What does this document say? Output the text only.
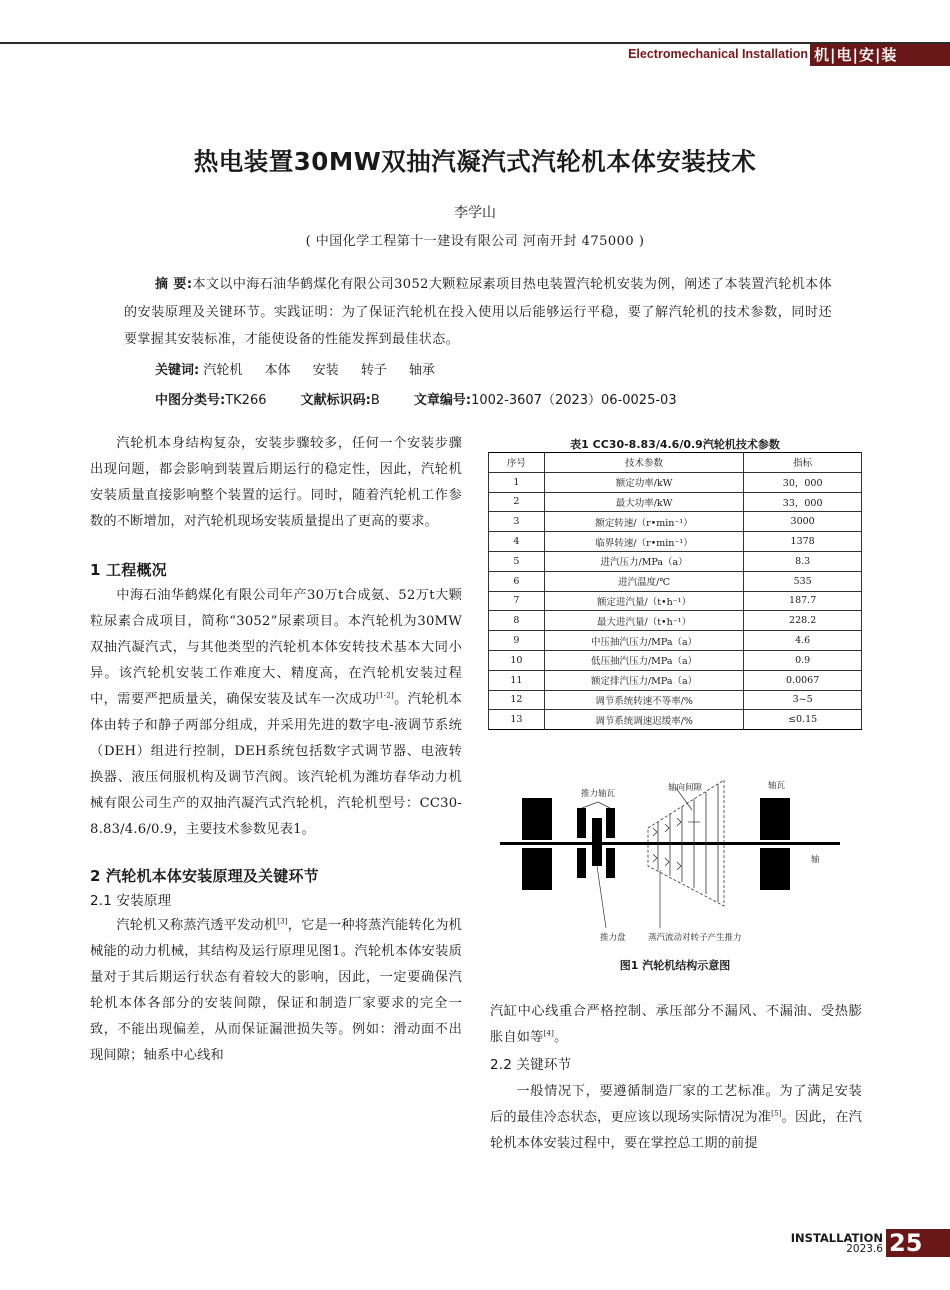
Electromechanical Installation 机|电|安|装
热电装置30MW双抽汽凝汽式汽轮机本体安装技术
李学山
( 中国化学工程第十一建设有限公司 河南开封 475000 )
摘 要:本文以中海石油华鹤煤化有限公司3052大颗粒尿素项目热电装置汽轮机安装为例，阐述了本装置汽轮机本体的安装原理及关键环节。实践证明：为了保证汽轮机在投入使用以后能够运行平稳，要了解汽轮机的技术参数，同时还要掌握其安装标准，才能使设备的性能发挥到最佳状态。
关键词: 汽轮机 本体 安装 转子 轴承
中图分类号:TK266	文献标识码:B	文章编号:1002-3607（2023）06-0025-03

汽轮机本身结构复杂，安装步骤较多，任何一个安装步骤出现问题，都会影响到装置后期运行的稳定性，因此，汽轮机安装质量直接影响整个装置的运行。同时，随着汽轮机工作参数的不断增加，对汽轮机现场安装质量提出了更高的要求。

1 工程概况

中海石油华鹤煤化有限公司年产30万t合成氨、52万t大颗粒尿素合成项目，简称“3052”尿素项目。本汽轮机为30MW双抽汽凝汽式，与其他类型的汽轮机本体安转技术基本大同小异。该汽轮机安装工作难度大、精度高，在汽轮机安装过程中，需要严把质量关，确保安装及试车一次成功[1-2]。汽轮机本体由转子和静子两部分组成，并采用先进的数字电-液调节系统（DEH）组进行控制，DEH系统包括数字式调节器、电液转换器、液压伺服机构及调节汽阀。该汽轮机为潍坊春华动力机械有限公司生产的双抽汽凝汽式汽轮机，汽轮机型号：CC30-8.83/4.6/0.9，主要技术参数见表1。

2 汽轮机本体安装原理及关键环节

2.1 安装原理

汽轮机又称蒸汽透平发动机[3]，它是一种将蒸汽能转化为机械能的动力机械，其结构及运行原理见图1。汽轮机本体安装质量对于其后期运行状态有着较大的影响，因此，一定要确保汽轮机本体各部分的安装间隙，保证和制造厂家要求的完全一致，不能出现偏差，从而保证漏泄损失等。例如：滑动面不出现间隙；轴系中心线和

表1 CC30-8.83/4.6/0.9汽轮机技术参数
序号	技术参数	指标
1	额定功率/kW	30，000
2	最大功率/kW	33，000
3	额定转速/（r•min⁻¹）	3000
4	临界转速/（r•min⁻¹）	1378
5	进汽压力/MPa（a）	8.3
6	进汽温度/℃	535
7	额定进汽量/（t•h⁻¹）	187.7
8	最大进汽量/（t•h⁻¹）	228.2
9	中压抽汽压力/MPa（a）	4.6
10	低压抽汽压力/MPa（a）	0.9
11	额定排汽压力/MPa（a）	0.0067
12	调节系统转速不等率/%	3~5
13	调节系统调速迟缓率/%	≤0.15
推力轴瓦
轴向间隙	轴瓦
轴
推力盘	蒸汽流动对转子产生推力
图1 汽轮机结构示意图

汽缸中心线重合严格控制、承压部分不漏风、不漏油、受热膨胀自如等[4]。

2.2 关键环节

一般情况下，要遵循制造厂家的工艺标准。为了满足安装后的最佳冷态状态，更应该以现场实际情况为准[5]。因此，在汽轮机本体安装过程中，要在掌控总工期的前提

INSTALLATION
2023.6 25
